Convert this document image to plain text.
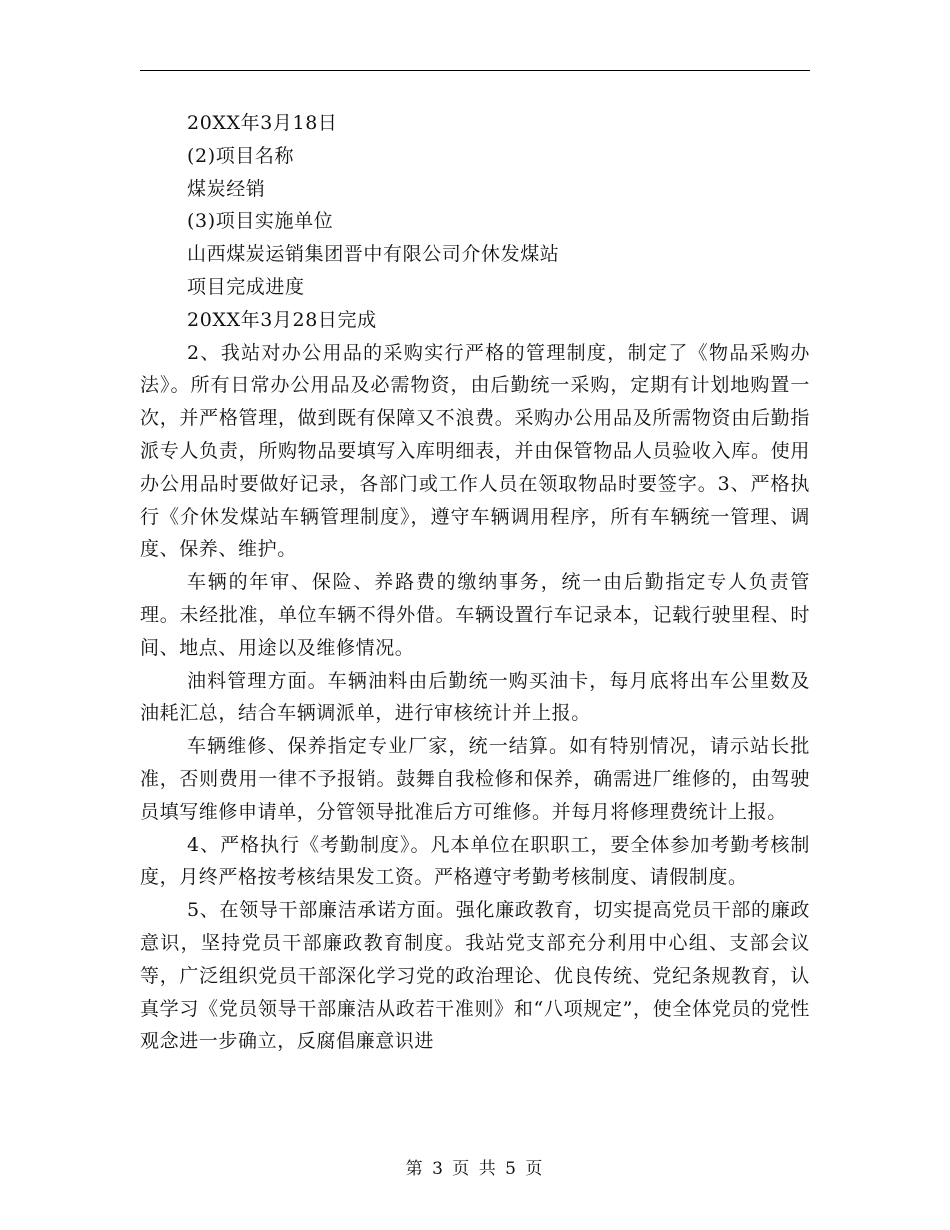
20XX年3月18日
(2)项目名称
煤炭经销
(3)项目实施单位
山西煤炭运销集团晋中有限公司介休发煤站
项目完成进度
20XX年3月28日完成
2、我站对办公用品的采购实行严格的管理制度，制定了《物品采购办法》。所有日常办公用品及必需物资，由后勤统一采购，定期有计划地购置一次，并严格管理，做到既有保障又不浪费。采购办公用品及所需物资由后勤指派专人负责，所购物品要填写入库明细表，并由保管物品人员验收入库。使用办公用品时要做好记录，各部门或工作人员在领取物品时要签字。3、严格执行《介休发煤站车辆管理制度》，遵守车辆调用程序，所有车辆统一管理、调度、保养、维护。
车辆的年审、保险、养路费的缴纳事务，统一由后勤指定专人负责管理。未经批准，单位车辆不得外借。车辆设置行车记录本，记载行驶里程、时间、地点、用途以及维修情况。
油料管理方面。车辆油料由后勤统一购买油卡，每月底将出车公里数及油耗汇总，结合车辆调派单，进行审核统计并上报。
车辆维修、保养指定专业厂家，统一结算。如有特别情况，请示站长批准，否则费用一律不予报销。鼓舞自我检修和保养，确需进厂维修的，由驾驶员填写维修申请单，分管领导批准后方可维修。并每月将修理费统计上报。
4、严格执行《考勤制度》。凡本单位在职职工，要全体参加考勤考核制度，月终严格按考核结果发工资。严格遵守考勤考核制度、请假制度。
5、在领导干部廉洁承诺方面。强化廉政教育，切实提高党员干部的廉政意识，坚持党员干部廉政教育制度。我站党支部充分利用中心组、支部会议等，广泛组织党员干部深化学习党的政治理论、优良传统、党纪条规教育，认真学习《党员领导干部廉洁从政若干准则》和“八项规定”，使全体党员的党性观念进一步确立，反腐倡廉意识进
第 3 页 共 5 页
